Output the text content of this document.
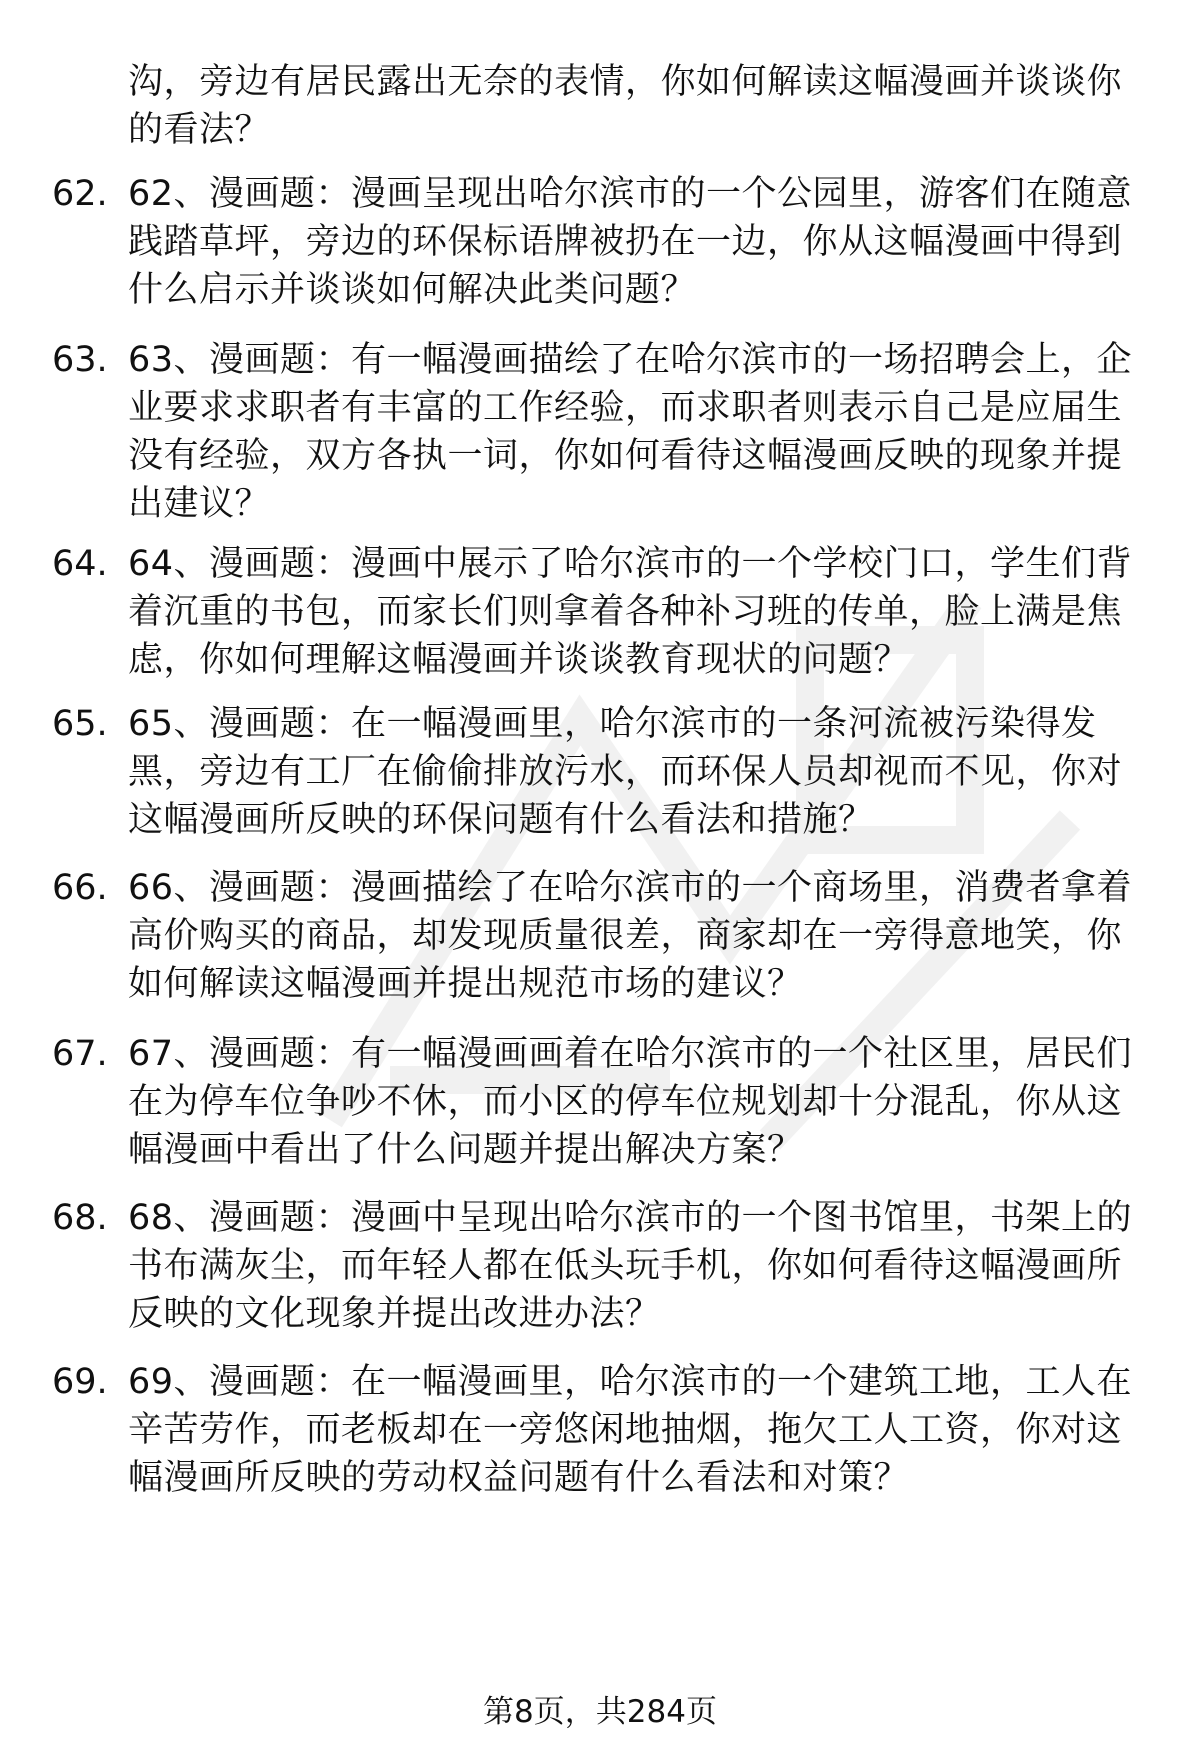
沟，旁边有居民露出无奈的表情，你如何解读这幅漫画并谈谈你的看法？
62. 62、漫画题：漫画呈现出哈尔滨市的一个公园里，游客们在随意践踏草坪，旁边的环保标语牌被扔在一边，你从这幅漫画中得到什么启示并谈谈如何解决此类问题？
63. 63、漫画题：有一幅漫画描绘了在哈尔滨市的一场招聘会上，企业要求求职者有丰富的工作经验，而求职者则表示自己是应届生没有经验，双方各执一词，你如何看待这幅漫画反映的现象并提出建议？
64. 64、漫画题：漫画中展示了哈尔滨市的一个学校门口，学生们背着沉重的书包，而家长们则拿着各种补习班的传单，脸上满是焦虑，你如何理解这幅漫画并谈谈教育现状的问题？
65. 65、漫画题：在一幅漫画里，哈尔滨市的一条河流被污染得发黑，旁边有工厂在偷偷排放污水，而环保人员却视而不见，你对这幅漫画所反映的环保问题有什么看法和措施？
66. 66、漫画题：漫画描绘了在哈尔滨市的一个商场里，消费者拿着高价购买的商品，却发现质量很差，商家却在一旁得意地笑，你如何解读这幅漫画并提出规范市场的建议？
67. 67、漫画题：有一幅漫画画着在哈尔滨市的一个社区里，居民们在为停车位争吵不休，而小区的停车位规划却十分混乱，你从这幅漫画中看出了什么问题并提出解决方案？
68. 68、漫画题：漫画中呈现出哈尔滨市的一个图书馆里，书架上的书布满灰尘，而年轻人都在低头玩手机，你如何看待这幅漫画所反映的文化现象并提出改进办法？
69. 69、漫画题：在一幅漫画里，哈尔滨市的一个建筑工地，工人在辛苦劳作，而老板却在一旁悠闲地抽烟，拖欠工人工资，你对这幅漫画所反映的劳动权益问题有什么看法和对策？
第8页，共284页
